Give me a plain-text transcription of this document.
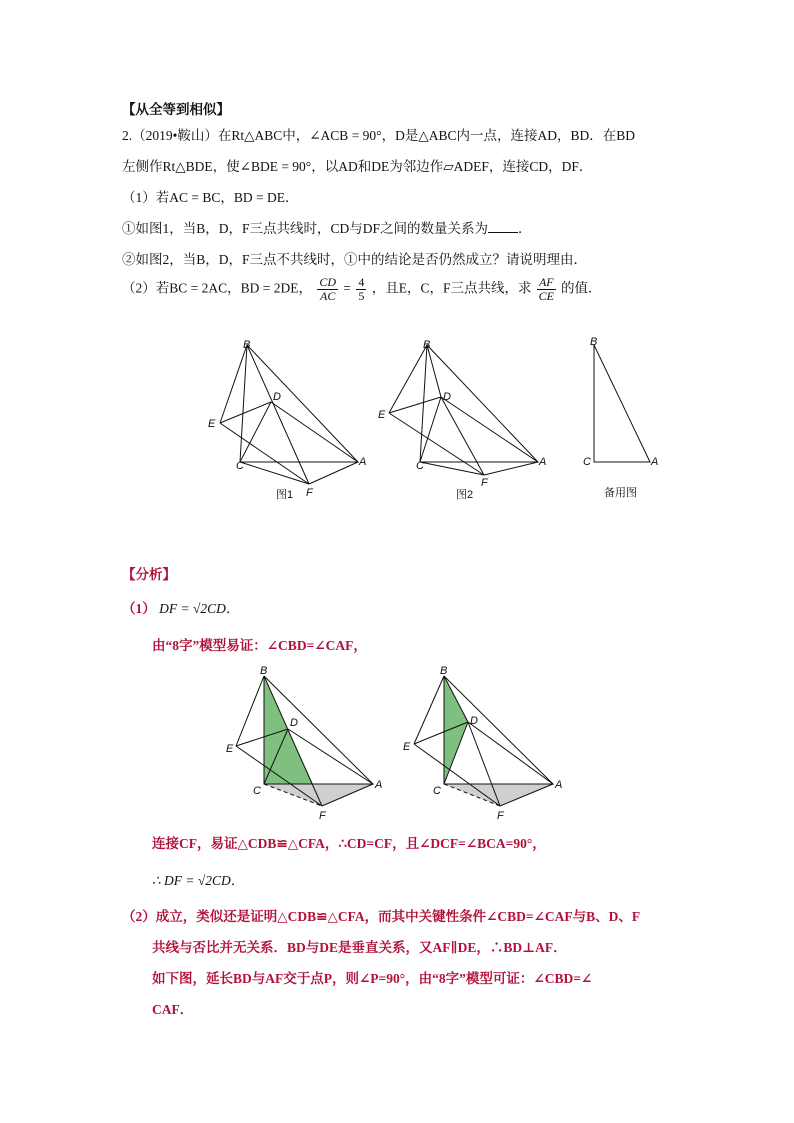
【从全等到相似】
2.（2019•鞍山）在Rt△ABC中，∠ACB = 90°，D是△ABC内一点，连接AD，BD．在BD
左侧作Rt△BDE，使∠BDE = 90°，以AD和DE为邻边作▱ADEF，连接CD，DF．
（1）若AC = BC，BD = DE．
①如图1，当B，D，F三点共线时，CD与DF之间的数量关系为 ．
②如图2，当B，D，F三点不共线时，①中的结论是否仍然成立？请说明理由．
（2）若BC = 2AC，BD = 2DE， $\frac{CD}{AC} = \frac{4}{5}$ ，且E，C，F三点共线，求 $\frac{AF}{CE}$ 的值．
B
E
D
C	A
F
图1
B
E
D
C	A
F
图2
B
C	A
备用图
【分析】
（1） DF = √2CD．
由“8字”模型易证：∠CBD=∠CAF，
B
E
D
C	A
F
B
E
D
C	A
F
连接CF，易证△CDB≌△CFA，∴CD=CF，且∠DCF=∠BCA=90°，
∴ DF = √2CD．
（2）成立，类似还是证明△CDB≌△CFA，而其中关键性条件∠CBD=∠CAF与B、D、F
共线与否比并无关系．BD与DE是垂直关系，又AF∥DE，∴BD⊥AF．
如下图，延长BD与AF交于点P，则∠P=90°，由“8字”模型可证：∠CBD=∠
CAF．
